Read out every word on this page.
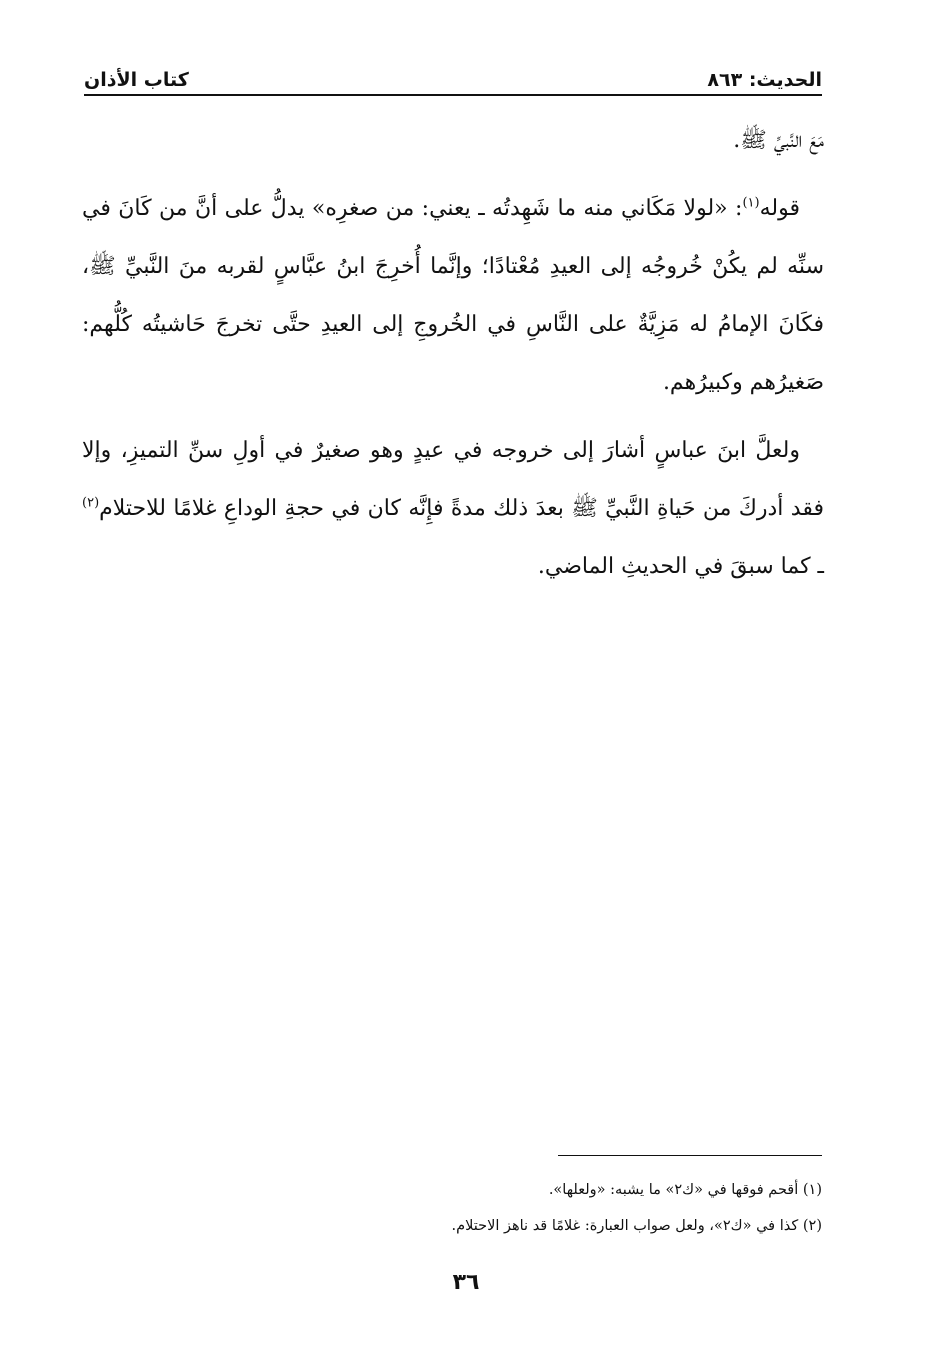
الحديث: ٨٦٣
كتاب الأذان

مَعَ النَّبيِّ ﷺ.

قوله$^{(١)}$: «لولا مَكَاني منه ما شَهِدتُه ـ يعني: من صغرِه» يدلُّ على أنَّ من كَانَ في سنِّه لم يكُنْ خُروجُه إلى العيدِ مُعْتادًا؛ وإنَّما أُخرِجَ ابنُ عبَّاسٍ لقربه منَ النَّبيِّ ﷺ، فكَانَ الإمامُ له مَزِيَّةٌ على النَّاسِ في الخُروجِ إلى العيدِ حتَّى تخرجَ حَاشيتُه كُلُّهم: صَغيرُهم وكبيرُهم.

ولعلَّ ابنَ عباسٍ أشارَ إلى خروجه في عيدٍ وهو صغيرٌ في أولِ سنِّ التميزِ، وإلا فقد أدركَ من حَياةِ النَّبيِّ ﷺ بعدَ ذلك مدةً فإِنَّه كان في حجةِ الوداعِ غلامًا للاحتلام$^{(٢)}$ ـ كما سبقَ في الحديثِ الماضي.

(١) أقحم فوقها في «ك٢» ما يشبه: «ولعلها».
(٢) كذا في «ك٢»، ولعل صواب العبارة: غلامًا قد ناهز الاحتلام.
٣٦
